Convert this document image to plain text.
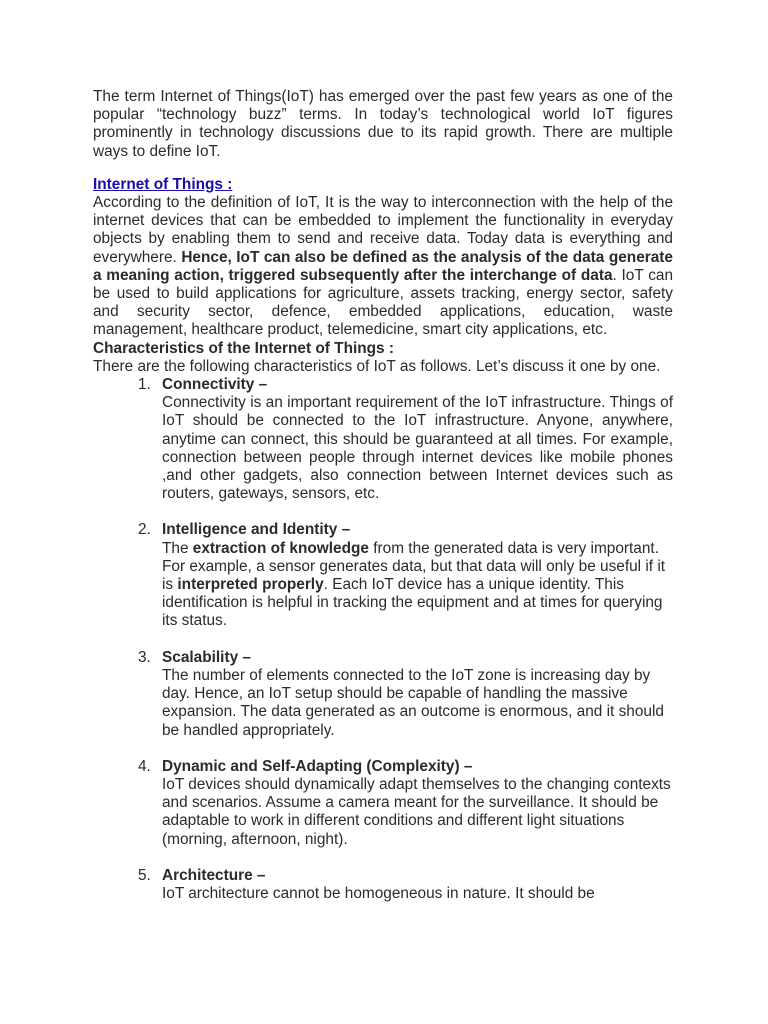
The term Internet of Things(IoT) has emerged over the past few years as one of the popular “technology buzz” terms. In today’s technological world IoT figures prominently in technology discussions due to its rapid growth. There are multiple ways to define IoT.

Internet of Things :

According to the definition of IoT, It is the way to interconnection with the help of the internet devices that can be embedded to implement the functionality in everyday objects by enabling them to send and receive data. Today data is everything and everywhere. Hence, IoT can also be defined as the analysis of the data generate a meaning action, triggered subsequently after the interchange of data. IoT can be used to build applications for agriculture, assets tracking, energy sector, safety and security sector, defence, embedded applications, education, waste management, healthcare product, telemedicine, smart city applications, etc.

Characteristics of the Internet of Things :

There are the following characteristics of IoT as follows. Let’s discuss it one by one.

1. Connectivity –
Connectivity is an important requirement of the IoT infrastructure. Things of IoT should be connected to the IoT infrastructure. Anyone, anywhere, anytime can connect, this should be guaranteed at all times. For example, connection between people through internet devices like mobile phones ,and other gadgets, also connection between Internet devices such as routers, gateways, sensors, etc.
2. Intelligence and Identity –
The extraction of knowledge from the generated data is very important. For example, a sensor generates data, but that data will only be useful if it is interpreted properly. Each IoT device has a unique identity. This identification is helpful in tracking the equipment and at times for querying its status.
3. Scalability –
The number of elements connected to the IoT zone is increasing day by day. Hence, an IoT setup should be capable of handling the massive expansion. The data generated as an outcome is enormous, and it should be handled appropriately.
4. Dynamic and Self-Adapting (Complexity) –
IoT devices should dynamically adapt themselves to the changing contexts and scenarios. Assume a camera meant for the surveillance. It should be adaptable to work in different conditions and different light situations (morning, afternoon, night).
5. Architecture –
IoT architecture cannot be homogeneous in nature. It should be
